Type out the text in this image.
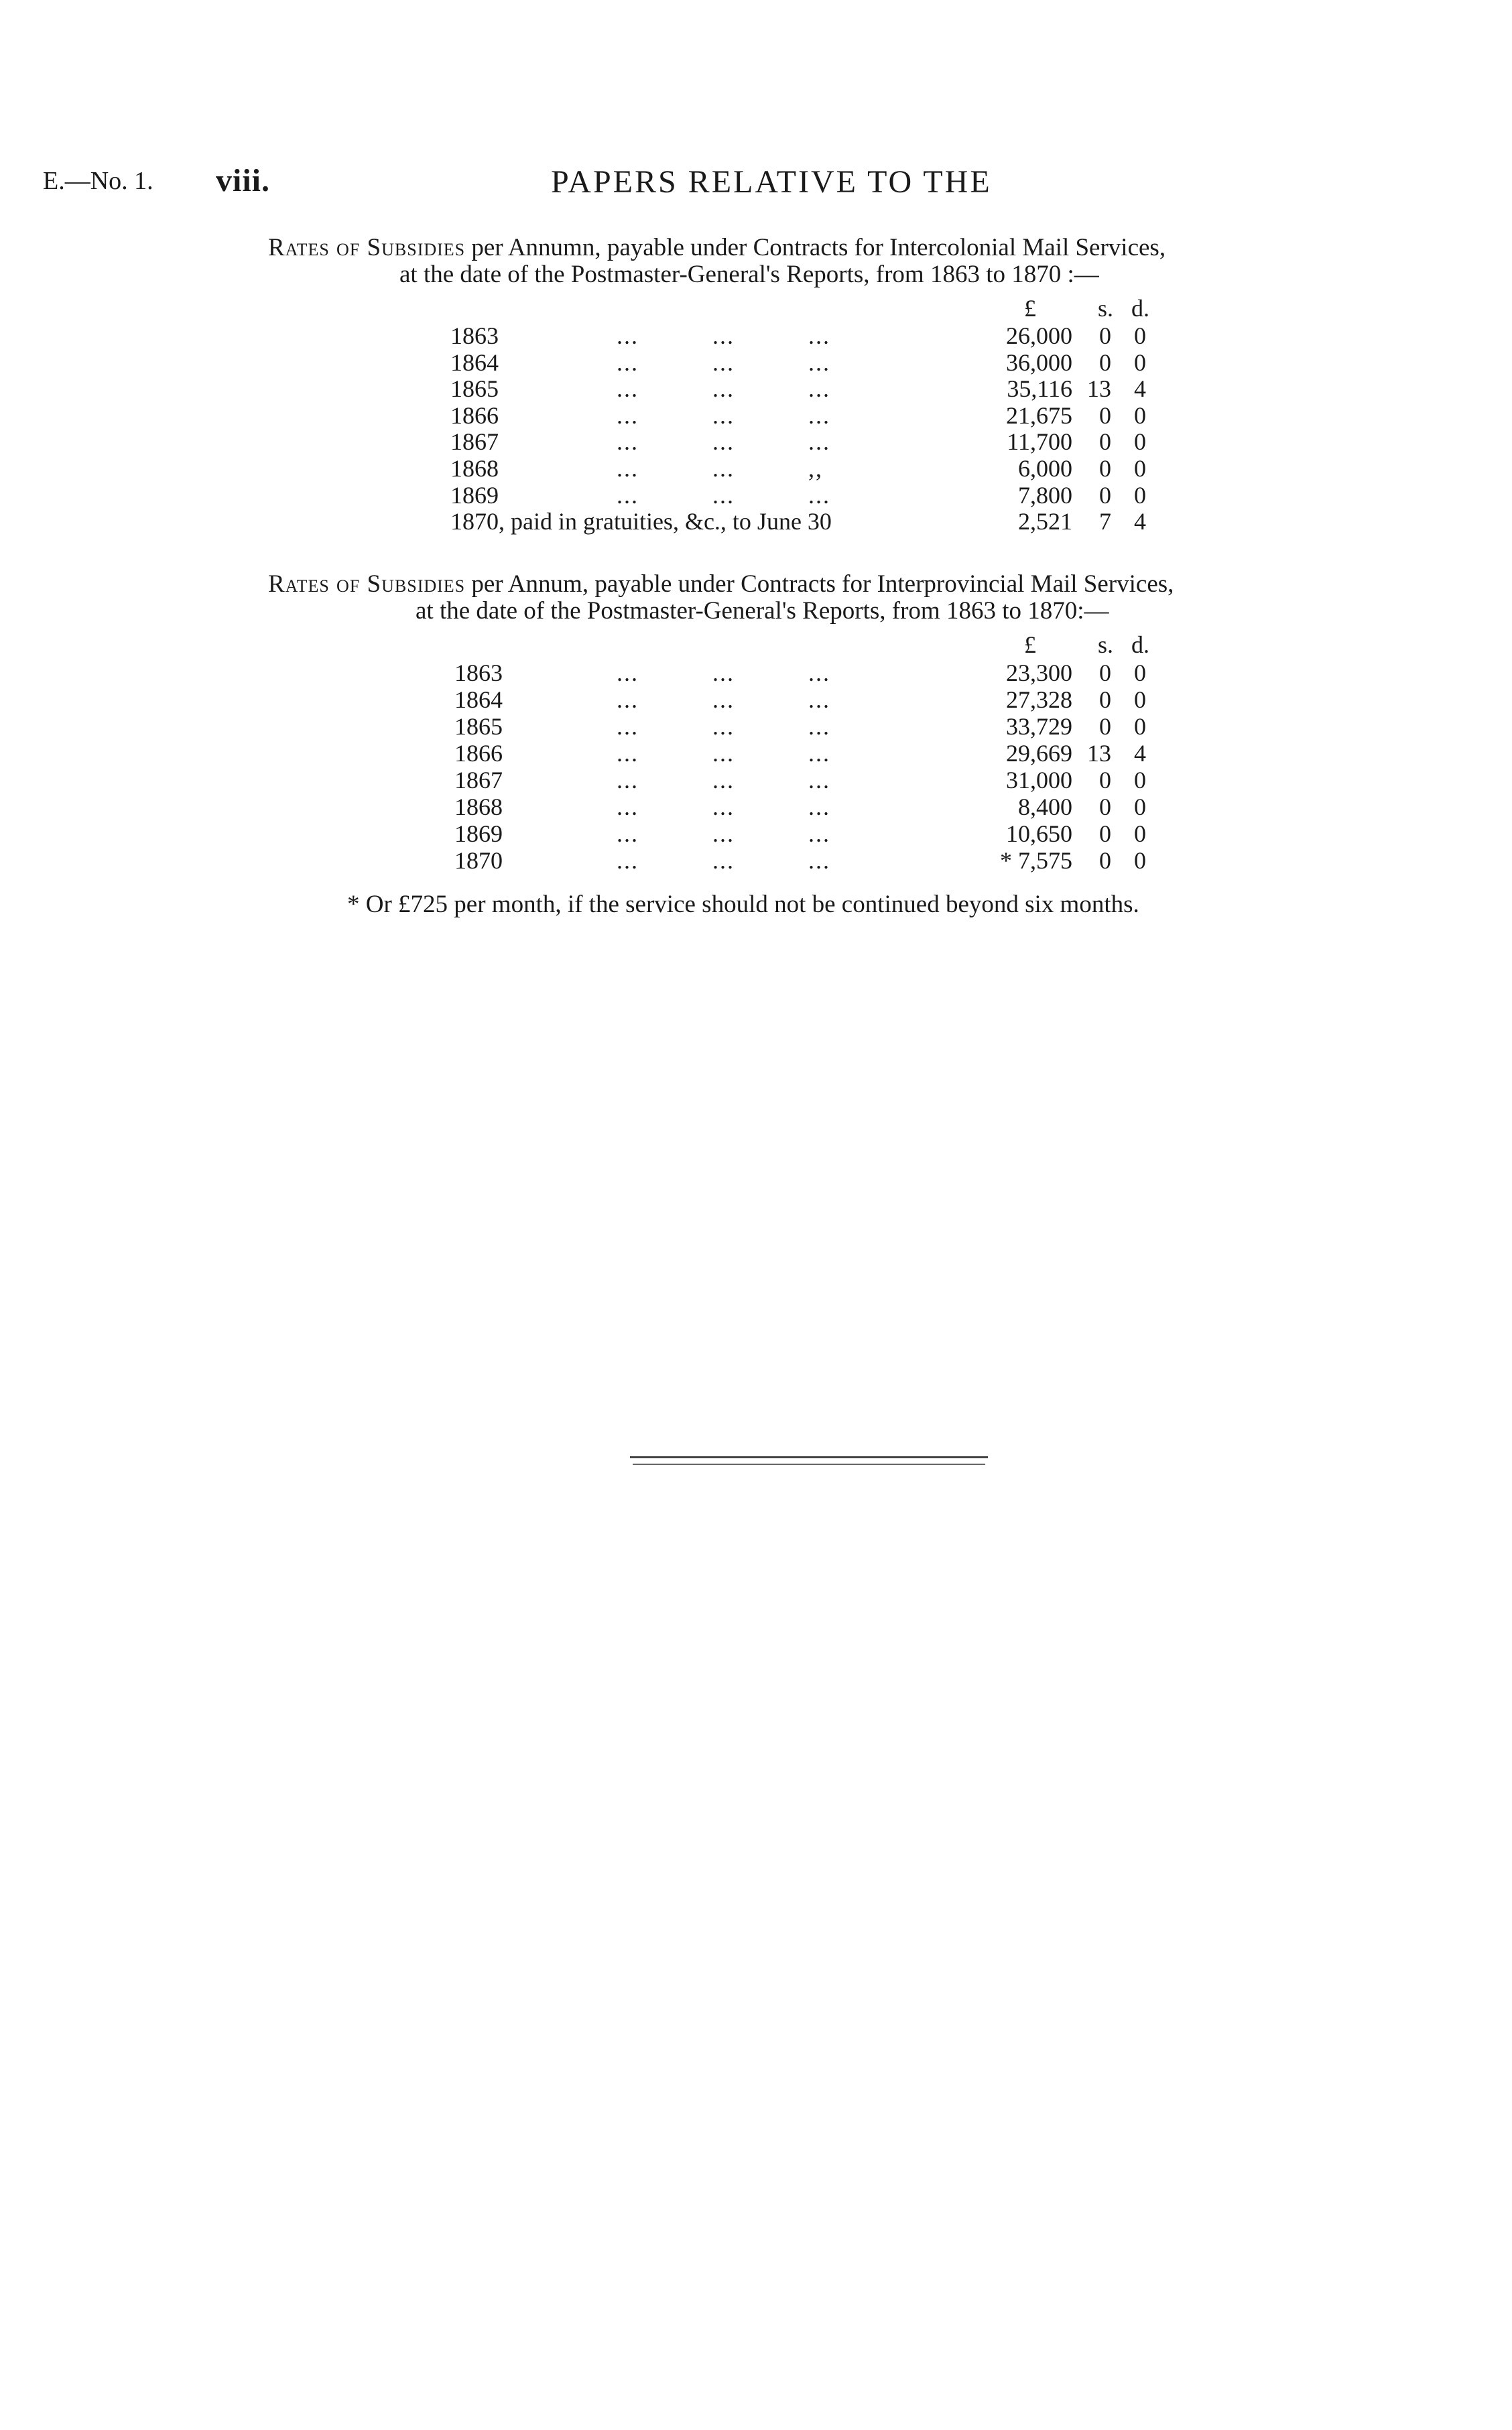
E.—No. 1. viii.	PAPERS RELATIVE TO THE
Rates of Subsidies per Annumn, payable under Contracts for Intercolonial Mail Services,
at the date of the Postmaster-General's Reports, from 1863 to 1870 :—
£	s. d.
1863	...          ...          ...	26,000	0 0
1864	...          ...          ...	36,000	0 0
1865	...          ...          ...	35,116 13 4
1866	...          ...          ...	21,675	0 0
1867	...          ...          ...	11,700	0 0
1868	...          ...          ,,	6,000	0 0
1869	...          ...          ...	7,800	0 0
1870, paid in gratuities, &c., to June 30	2,521	7 4
Rates of Subsidies per Annum, payable under Contracts for Interprovincial Mail Services,
at the date of the Postmaster-General's Reports, from 1863 to 1870:—
£	s. d.
1863	...          ...          ...	23,300	0 0
1864	...          ...          ...	27,328	0 0
1865	...          ...          ...	33,729	0 0
1866	...          ...          ...	29,669 13 4
1867	...          ...          ...	31,000	0 0
1868	...          ...          ...	8,400	0 0
1869	...          ...          ...	10,650	0 0
1870	...          ...          ...	* 7,575	0 0
* Or £725 per month, if the service should not be continued beyond six months.
